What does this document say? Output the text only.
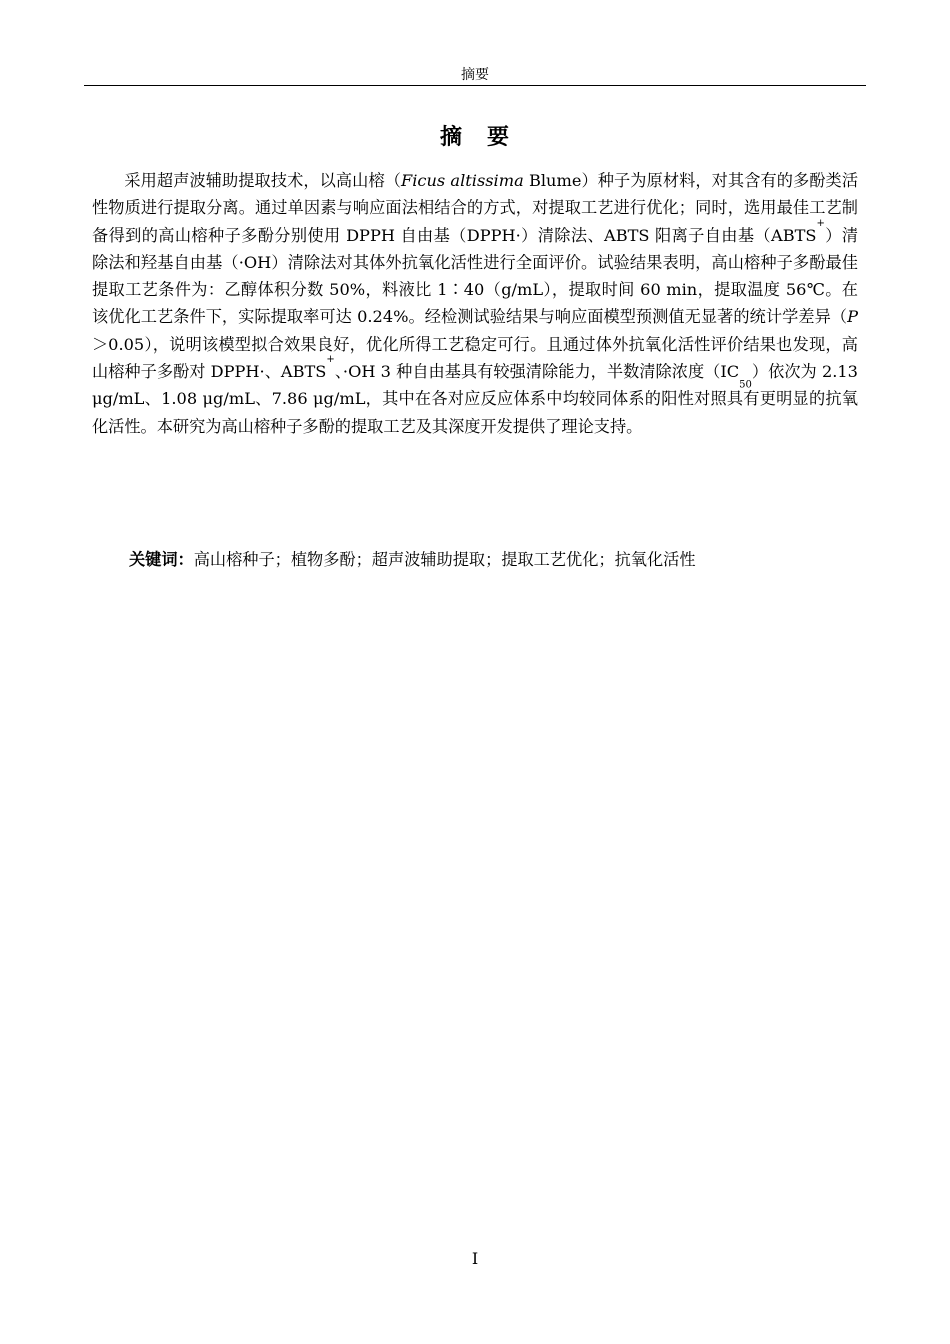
摘要
摘 要

采用超声波辅助提取技术，以高山榕（Ficus altissima Blume）种子为原材料，对其含有的多酚类活性物质进行提取分离。通过单因素与响应面法相结合的方式，对提取工艺进行优化；同时，选用最佳工艺制备得到的高山榕种子多酚分别使用 DPPH 自由基（DPPH·）清除法、ABTS 阳离子自由基（ABTS+）清除法和羟基自由基（·OH）清除法对其体外抗氧化活性进行全面评价。试验结果表明，高山榕种子多酚最佳提取工艺条件为：乙醇体积分数 50%，料液比 1∶40（g/mL），提取时间 60 min，提取温度 56℃。在该优化工艺条件下，实际提取率可达 0.24%。经检测试验结果与响应面模型预测值无显著的统计学差异（P＞0.05），说明该模型拟合效果良好，优化所得工艺稳定可行。且通过体外抗氧化活性评价结果也发现，高山榕种子多酚对 DPPH·、ABTS+、·OH 3 种自由基具有较强清除能力，半数清除浓度（IC50）依次为 2.13 μg/mL、1.08 μg/mL、7.86 μg/mL，其中在各对应反应体系中均较同体系的阳性对照具有更明显的抗氧化活性。本研究为高山榕种子多酚的提取工艺及其深度开发提供了理论支持。

关键词：高山榕种子；植物多酚；超声波辅助提取；提取工艺优化；抗氧化活性
I
